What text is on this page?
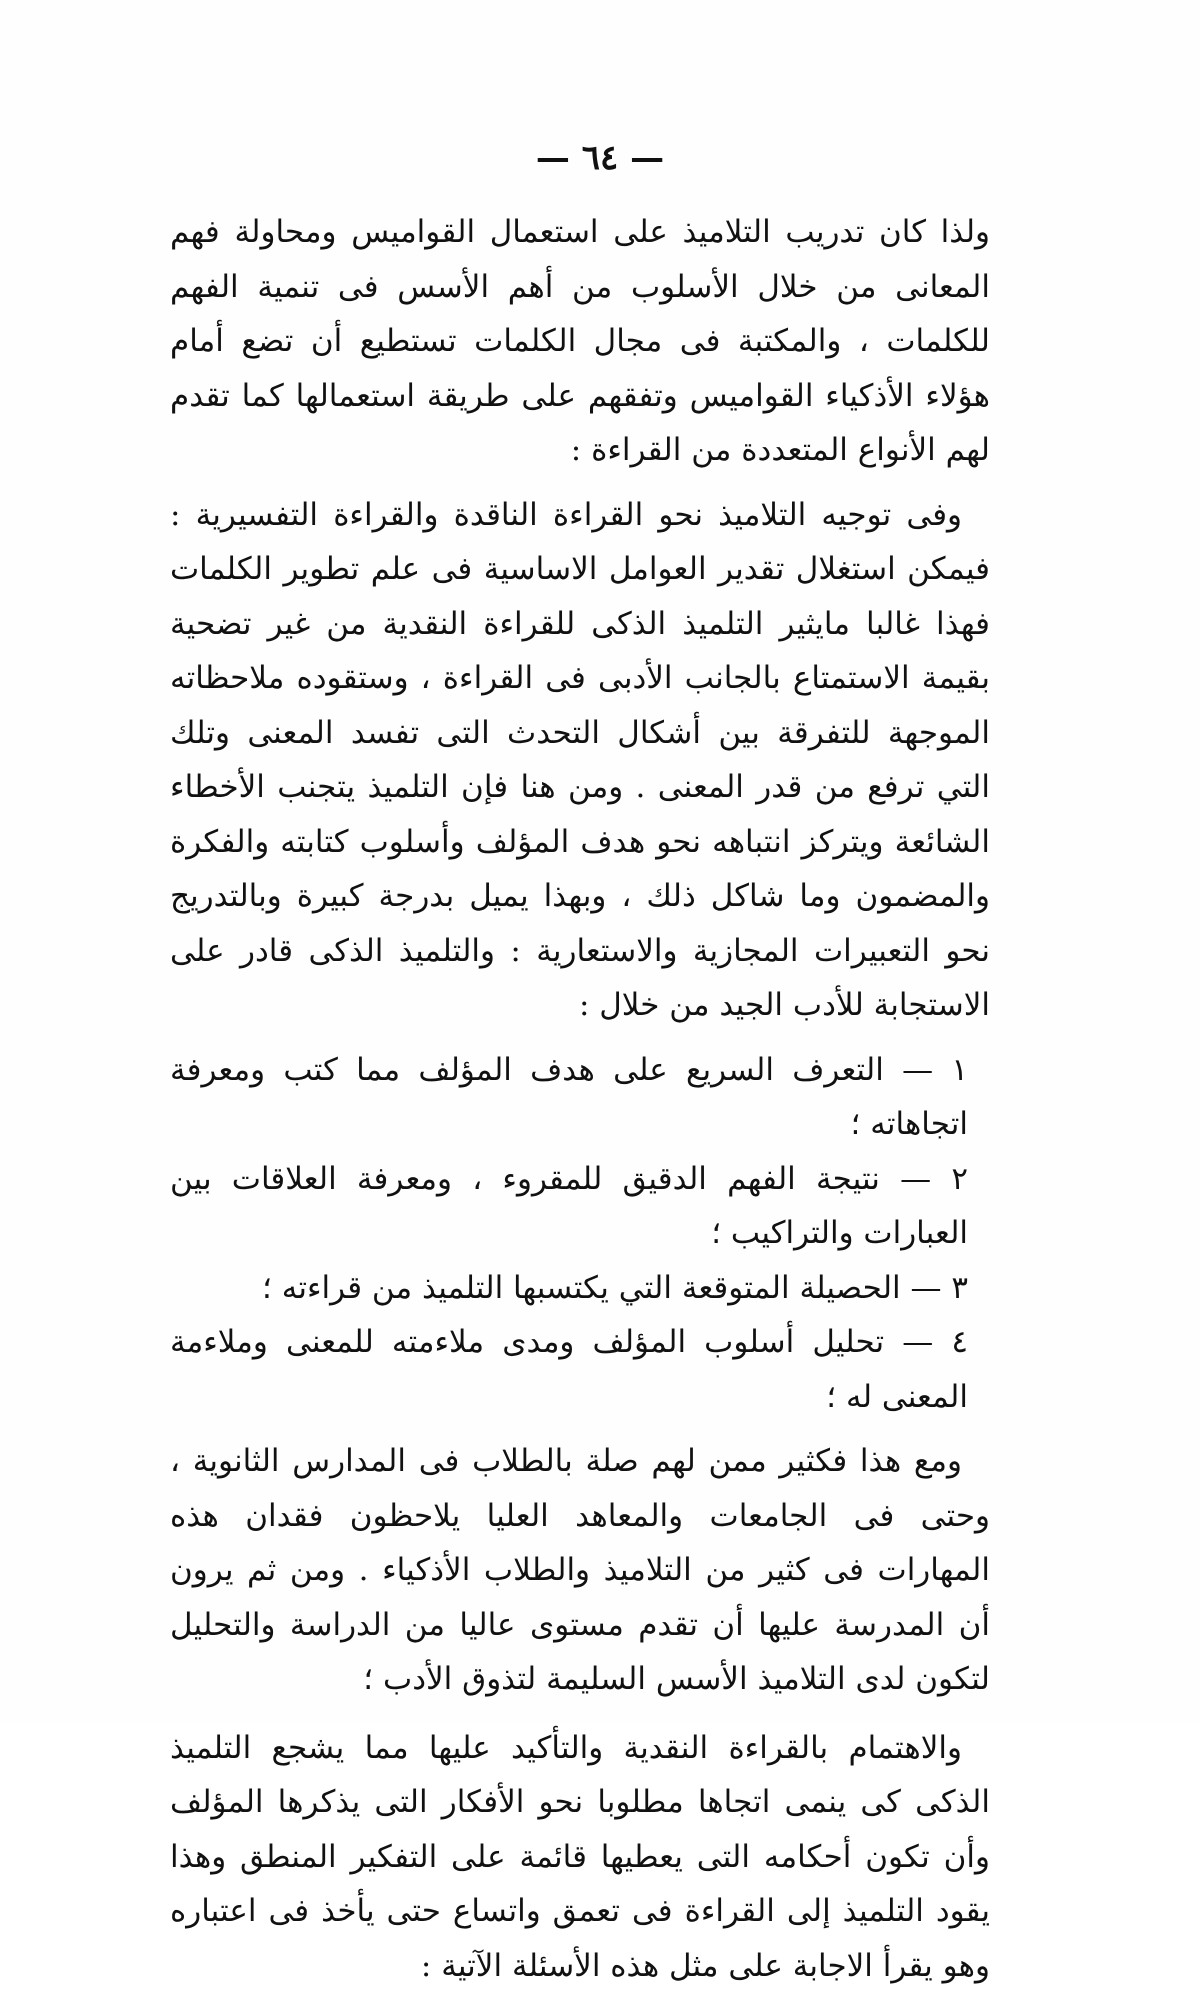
— ٦٤ —

ولذا كان تدريب التلاميذ على استعمال القواميس ومحاولة فهم المعانى من خلال الأسلوب من أهم الأسس فى تنمية الفهم للكلمات ، والمكتبة فى مجال الكلمات تستطيع أن تضع أمام هؤلاء الأذكياء القواميس وتفقهم على طريقة استعمالها كما تقدم لهم الأنواع المتعددة من القراءة :

وفى توجيه التلاميذ نحو القراءة الناقدة والقراءة التفسيرية : فيمكن استغلال تقدير العوامل الاساسية فى علم تطوير الكلمات فهذا غالبا مايثير التلميذ الذكى للقراءة النقدية من غير تضحية بقيمة الاستمتاع بالجانب الأدبى فى القراءة ، وستقوده ملاحظاته الموجهة للتفرقة بين أشكال التحدث التى تفسد المعنى وتلك التي ترفع من قدر المعنى . ومن هنا فإن التلميذ يتجنب الأخطاء الشائعة ويتركز انتباهه نحو هدف المؤلف وأسلوب كتابته والفكرة والمضمون وما شاكل ذلك ، وبهذا يميل بدرجة كبيرة وبالتدريج نحو التعبيرات المجازية والاستعارية : والتلميذ الذكى قادر على الاستجابة للأدب الجيد من خلال :

١ — التعرف السريع على هدف المؤلف مما كتب ومعرفة اتجاهاته ؛

٢ — نتيجة الفهم الدقيق للمقروء ، ومعرفة العلاقات بين العبارات والتراكيب ؛

٣ — الحصيلة المتوقعة التي يكتسبها التلميذ من قراءته ؛

٤ — تحليل أسلوب المؤلف ومدى ملاءمته للمعنى وملاءمة المعنى له ؛

ومع هذا فكثير ممن لهم صلة بالطلاب فى المدارس الثانوية ، وحتى فى الجامعات والمعاهد العليا يلاحظون فقدان هذه المهارات فى كثير من التلاميذ والطلاب الأذكياء . ومن ثم يرون أن المدرسة عليها أن تقدم مستوى عاليا من الدراسة والتحليل لتكون لدى التلاميذ الأسس السليمة لتذوق الأدب ؛

والاهتمام بالقراءة النقدية والتأكيد عليها مما يشجع التلميذ الذكى كى ينمى اتجاها مطلوبا نحو الأفكار التى يذكرها المؤلف وأن تكون أحكامه التى يعطيها قائمة على التفكير المنطق وهذا يقود التلميذ إلى القراءة فى تعمق واتساع حتى يأخذ فى اعتباره وهو يقرأ الاجابة على مثل هذه الأسئلة الآتية :
